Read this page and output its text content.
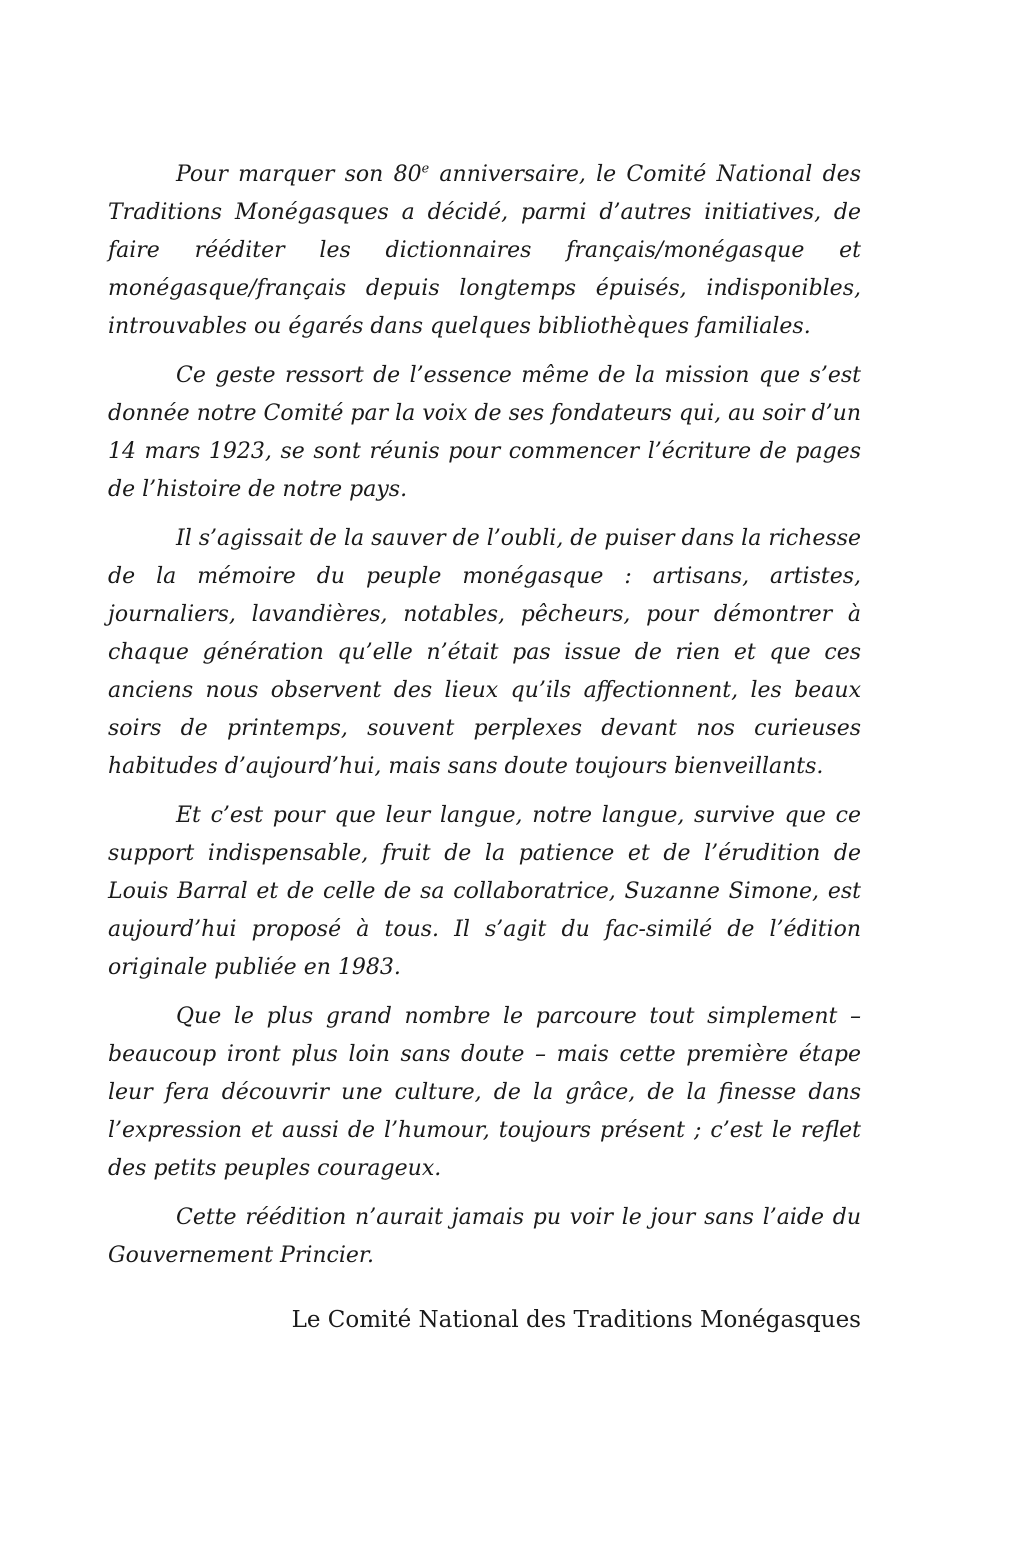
Pour marquer son 80e anniversaire, le Comité National des Traditions Monégasques a décidé, parmi d’autres initiatives, de faire rééditer les dictionnaires français/monégasque et monégasque/français depuis longtemps épuisés, indisponibles, introuvables ou égarés dans quelques bibliothèques familiales.

Ce geste ressort de l’essence même de la mission que s’est donnée notre Comité par la voix de ses fondateurs qui, au soir d’un 14 mars 1923, se sont réunis pour commencer l’écriture de pages de l’histoire de notre pays.

Il s’agissait de la sauver de l’oubli, de puiser dans la richesse de la mémoire du peuple monégasque : artisans, artistes, journaliers, lavandières, notables, pêcheurs, pour démontrer à chaque génération qu’elle n’était pas issue de rien et que ces anciens nous observent des lieux qu’ils affectionnent, les beaux soirs de printemps, souvent perplexes devant nos curieuses habitudes d’aujourd’hui, mais sans doute toujours bienveillants.

Et c’est pour que leur langue, notre langue, survive que ce support indispensable, fruit de la patience et de l’érudition de Louis Barral et de celle de sa collaboratrice, Suzanne Simone, est aujourd’hui proposé à tous. Il s’agit du fac-similé de l’édition originale publiée en 1983.

Que le plus grand nombre le parcoure tout simplement – beaucoup iront plus loin sans doute – mais cette première étape leur fera découvrir une culture, de la grâce, de la finesse dans l’expression et aussi de l’humour, toujours présent ; c’est le reflet des petits peuples courageux.

Cette réédition n’aurait jamais pu voir le jour sans l’aide du Gouvernement Princier.

Le Comité National des Traditions Monégasques
